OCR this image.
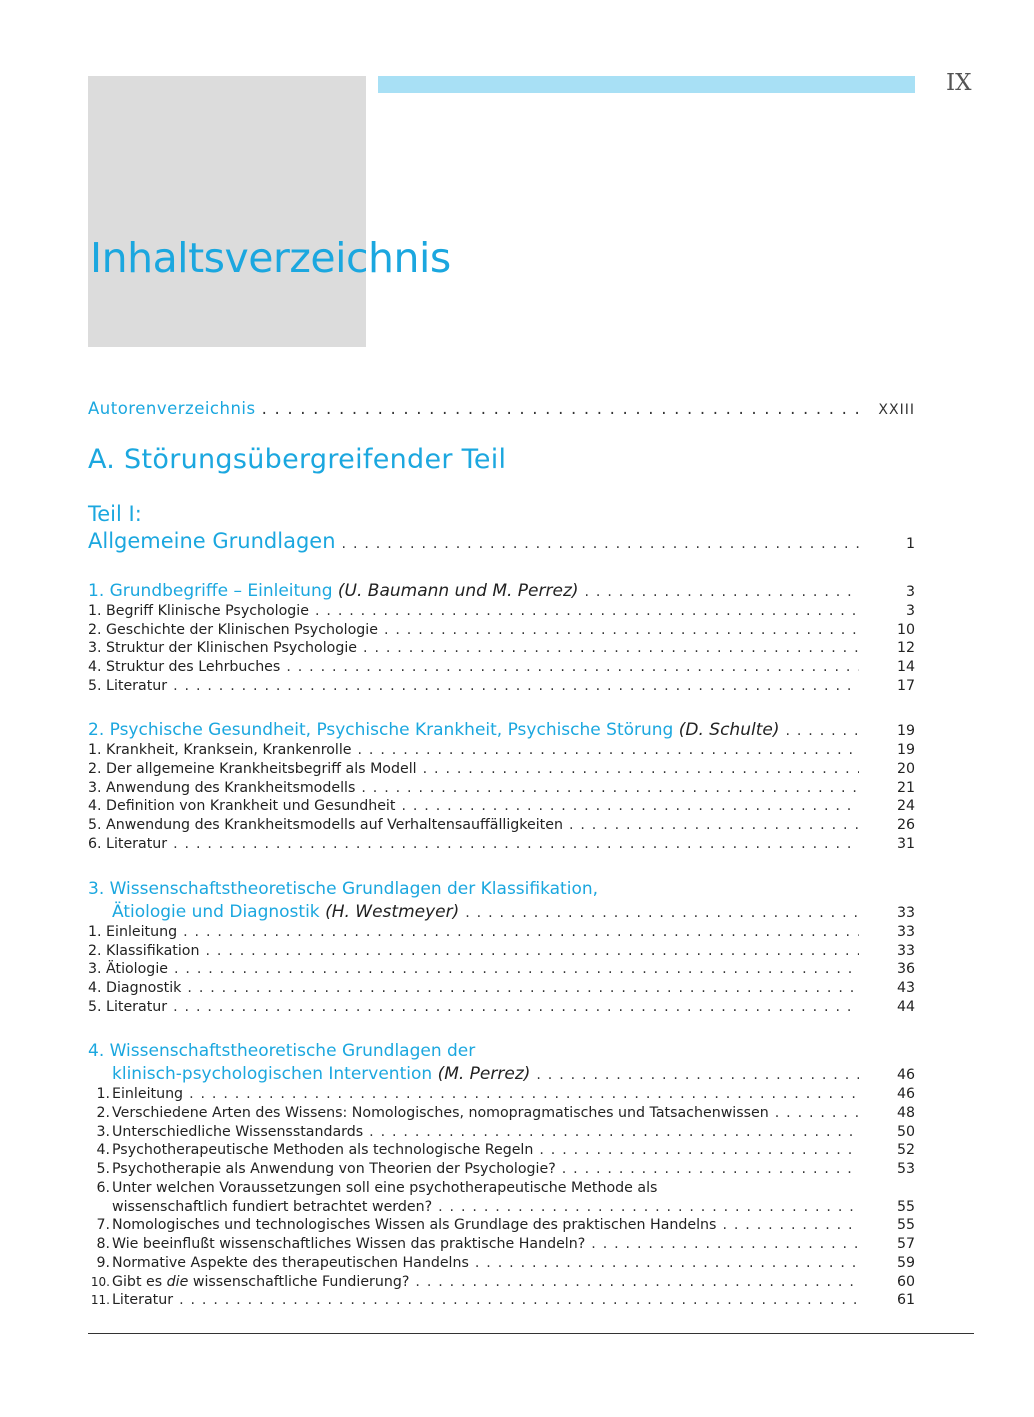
IX
Inhaltsverzeichnis
Autorenverzeichnis . . .	XXIII
A. Störungsübergreifender Teil
Teil I:
Allgemeine Grundlagen . . .	1
1. Grundbegriffe – Einleitung (U. Baumann und M. Perrez) . . .	3
1. Begriff Klinische Psychologie . . .	3
2. Geschichte der Klinischen Psychologie . . .	10
3. Struktur der Klinischen Psychologie . . .	12
4. Struktur des Lehrbuches . . .	14
5. Literatur . . .	17
2. Psychische Gesundheit, Psychische Krankheit, Psychische Störung (D. Schulte) . . .	19
1. Krankheit, Kranksein, Krankenrolle . . .	19
2. Der allgemeine Krankheitsbegriff als Modell . . .	20
3. Anwendung des Krankheitsmodells . . .	21
4. Definition von Krankheit und Gesundheit . . .	24
5. Anwendung des Krankheitsmodells auf Verhaltensauffälligkeiten . . .	26
6. Literatur . . .	31
3. Wissenschaftstheoretische Grundlagen der Klassifikation,
Ätiologie und Diagnostik (H. Westmeyer) . . .	33
1. Einleitung . . .	33
2. Klassifikation . . .	33
3. Ätiologie . . .	36
4. Diagnostik . . .	43
5. Literatur . . .	44
4. Wissenschaftstheoretische Grundlagen der
klinisch-psychologischen Intervention (M. Perrez) . . .	46
1. Einleitung . . .	46
2. Verschiedene Arten des Wissens: Nomologisches, nomopragmatisches und Tatsachenwissen . . .	48
3. Unterschiedliche Wissensstandards . . .	50
4. Psychotherapeutische Methoden als technologische Regeln . . .	52
5. Psychotherapie als Anwendung von Theorien der Psychologie? . . .	53
6. Unter welchen Voraussetzungen soll eine psychotherapeutische Methode als
wissenschaftlich fundiert betrachtet werden? . . .	55
7. Nomologisches und technologisches Wissen als Grundlage des praktischen Handelns . . .	55
8. Wie beeinflußt wissenschaftliches Wissen das praktische Handeln? . . .	57
9. Normative Aspekte des therapeutischen Handelns . . .	59
10. Gibt es die wissenschaftliche Fundierung? . . .	60
11. Literatur . . .	61
